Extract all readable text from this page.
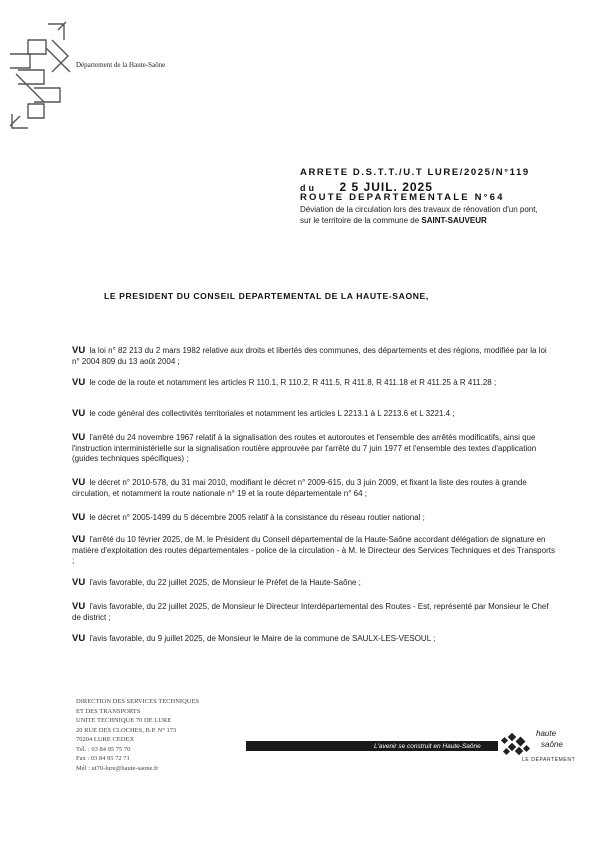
Département de la Haute-Saône
ARRETE D.S.T.T./U.T LURE/2025/N°119
du 2 5 JUIL. 2025
ROUTE DEPARTEMENTALE N°64
Déviation de la circulation lors des travaux de rénovation d'un pont, sur le territoire de la commune de SAINT-SAUVEUR
LE PRESIDENT DU CONSEIL DEPARTEMENTAL DE LA HAUTE-SAONE,
VU la loi n° 82 213 du 2 mars 1982 relative aux droits et libertés des communes, des départements et des régions, modifiée par la loi n° 2004 809 du 13 août 2004 ;
VU le code de la route et notamment les articles R 110.1, R 110.2, R 411.5, R 411.8, R 411.18 et R 411.25 à R 411.28 ;
VU le code général des collectivités territoriales et notamment les articles L 2213.1 à L 2213.6 et L 3221.4 ;
VU l'arrêté du 24 novembre 1967 relatif à la signalisation des routes et autoroutes et l'ensemble des arrêtés modificatifs, ainsi que l'instruction interministérielle sur la signalisation routière approuvée par l'arrêté du 7 juin 1977 et l'ensemble des textes d'application (guides techniques spécifiques) ;
VU le décret n° 2010-578, du 31 mai 2010, modifiant le décret n° 2009-615, du 3 juin 2009, et fixant la liste des routes à grande circulation, et notamment la route nationale n° 19 et la route départementale n° 64 ;
VU le décret n° 2005-1499 du 5 décembre 2005 relatif à la consistance du réseau routier national ;
VU l'arrêté du 10 février 2025, de M. le Président du Conseil départemental de la Haute-Saône accordant délégation de signature en matière d'exploitation des routes départementales - police de la circulation - à M. le Directeur des Services Techniques et des Transports ;
VU l'avis favorable, du 22 juillet 2025, de Monsieur le Préfet de la Haute-Saône ;
VU l'avis favorable, du 22 juillet 2025, de Monsieur le Directeur Interdépartemental des Routes - Est, représenté par Monsieur le Chef de district ;
VU l'avis favorable, du 9 juillet 2025, de Monsieur le Maire de la commune de SAULX-LES-VESOUL ;
DIRECTION DES SERVICES TECHNIQUES
ET DES TRANSPORTS
UNITE TECHNIQUE 70 DE LURE
20 RUE DES CLOCHES, B.P. N° 173
70204 LURE CEDEX
Tél. : 03 84 95 75 70
Fax : 03 84 95 72 71
Mél : ut70-lure@haute-saone.fr
L'avenir se construit en Haute-Saône
haute
saône
LE DÉPARTEMENT
